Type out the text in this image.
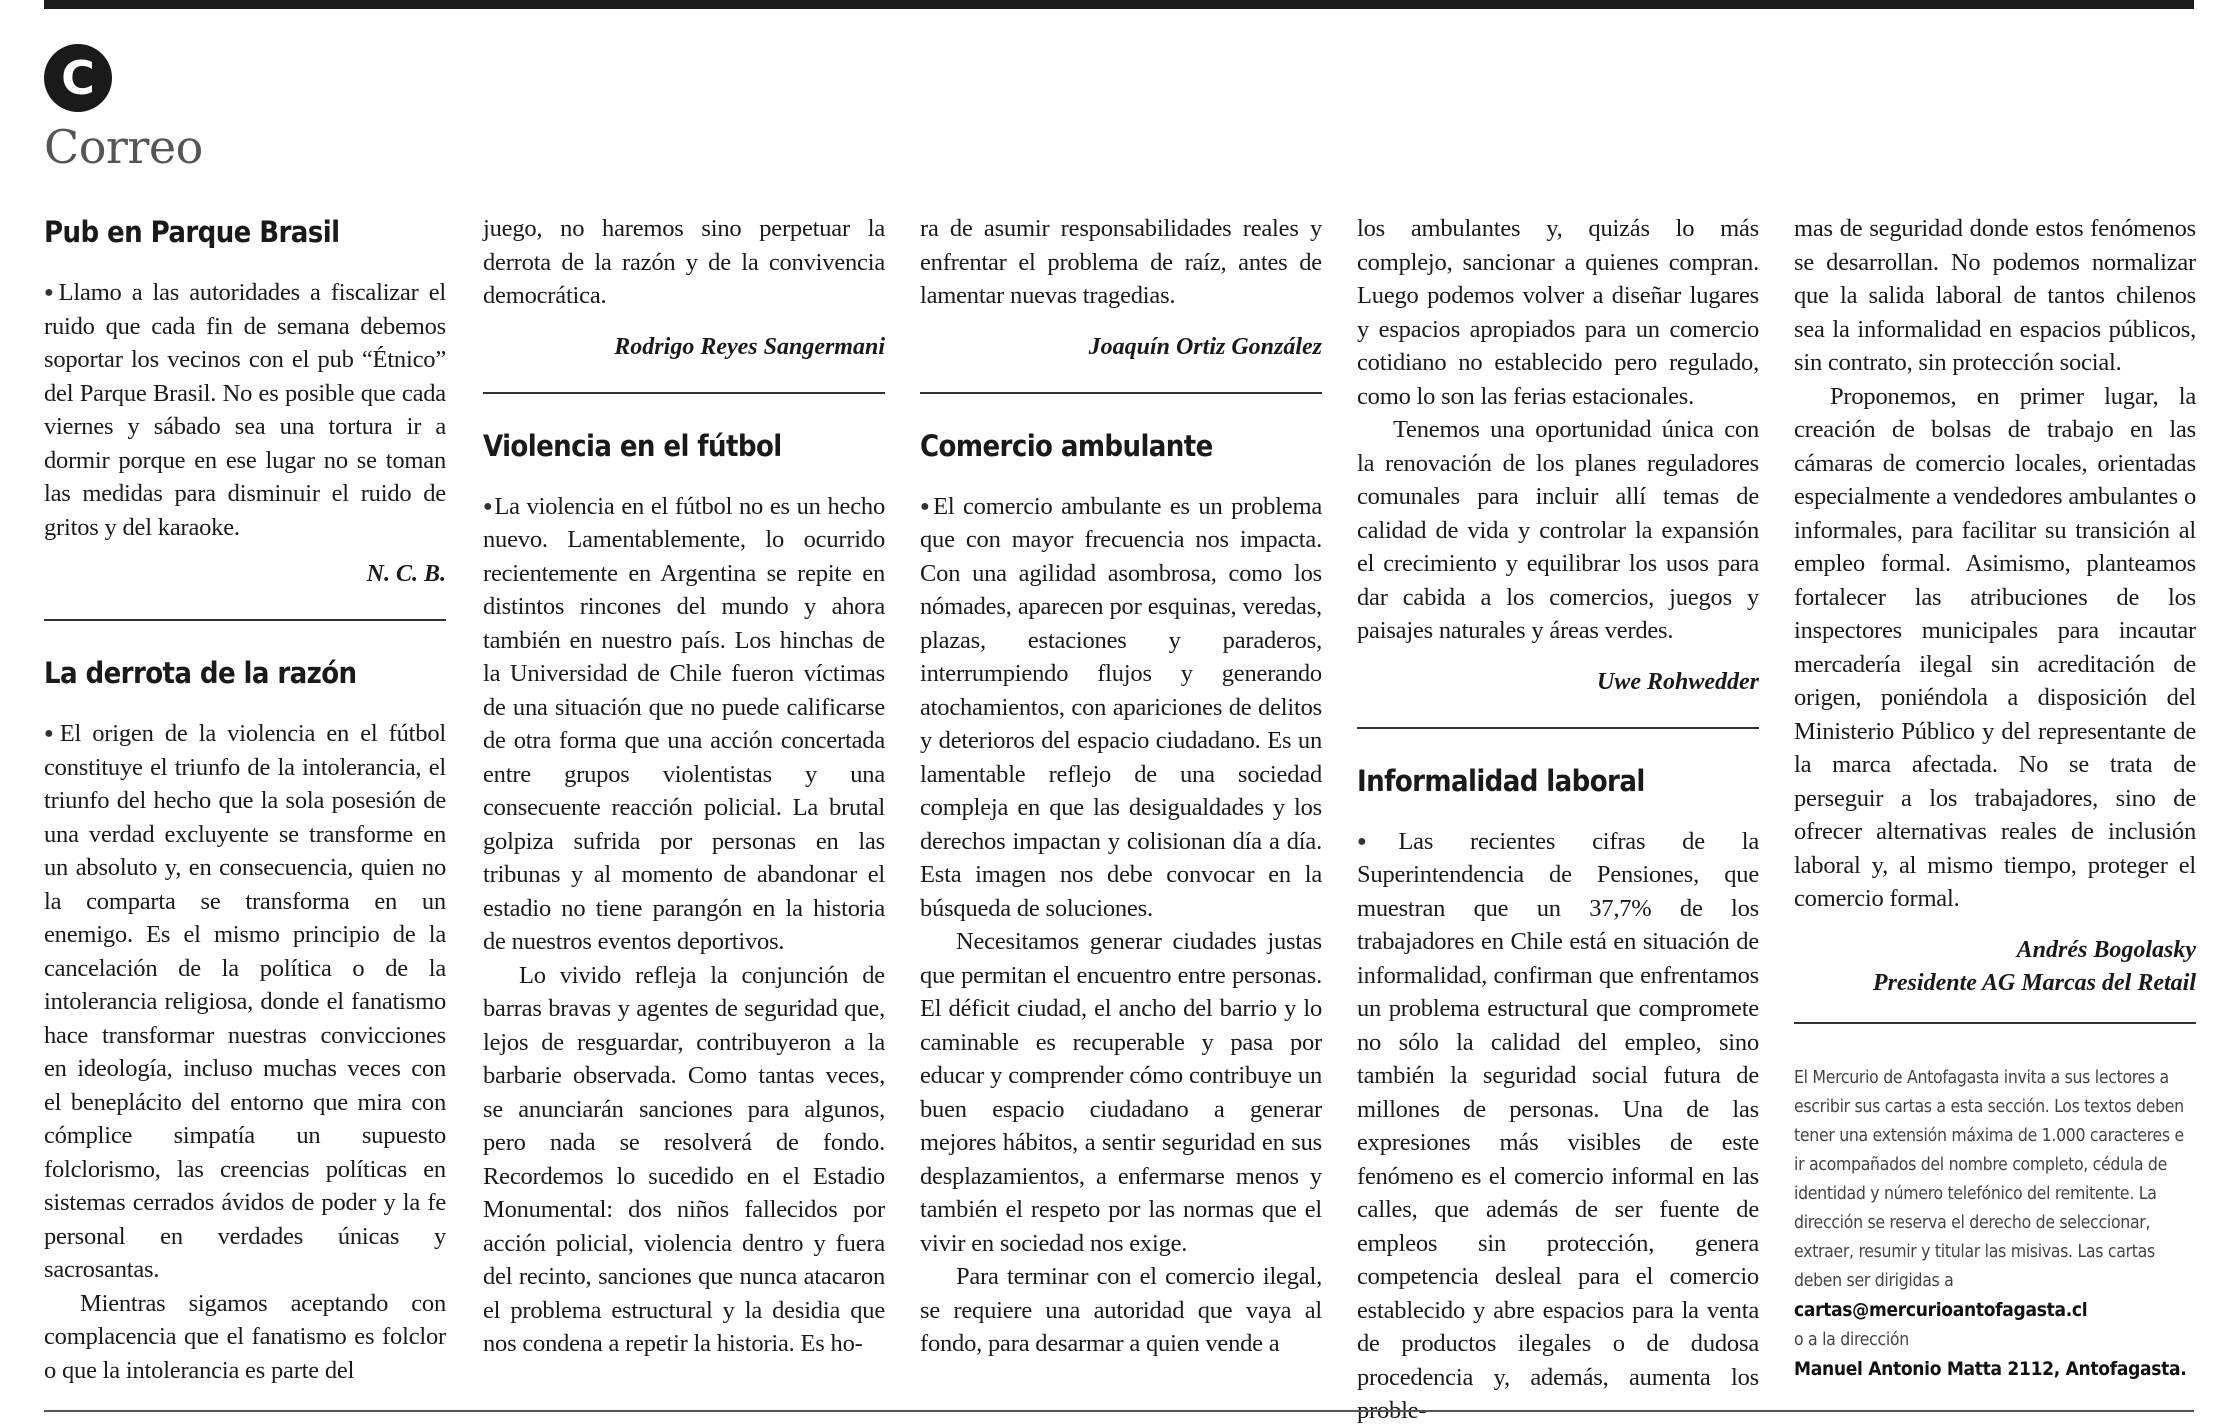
C
Correo
Pub en Parque Brasil

● Llamo a las autoridades a fiscalizar el ruido que cada fin de semana debemos soportar los vecinos con el pub “Étnico” del Parque Brasil. No es posible que cada viernes y sábado sea una tortura ir a dormir porque en ese lugar no se toman las medidas para disminuir el ruido de gritos y del karaoke.

N. C. B.
La derrota de la razón

● El origen de la violencia en el fútbol constituye el triunfo de la intolerancia, el triunfo del hecho que la sola posesión de una verdad excluyente se transforme en un absoluto y, en consecuencia, quien no la comparta se transforma en un enemigo. Es el mismo principio de la cancelación de la política o de la intolerancia religiosa, donde el fanatismo hace transformar nuestras convicciones en ideología, incluso muchas veces con el beneplácito del entorno que mira con cómplice simpatía un supuesto folclorismo, las creencias políticas en sistemas cerrados ávidos de poder y la fe personal en verdades únicas y sacrosantas.

Mientras sigamos aceptando con complacencia que el fanatismo es folclor o que la intolerancia es parte del

juego, no haremos sino perpetuar la derrota de la razón y de la convivencia democrática.

Rodrigo Reyes Sangermani
Violencia en el fútbol

● La violencia en el fútbol no es un hecho nuevo. Lamentablemente, lo ocurrido recientemente en Argentina se repite en distintos rincones del mundo y ahora también en nuestro país. Los hinchas de la Universidad de Chile fueron víctimas de una situación que no puede calificarse de otra forma que una acción concertada entre grupos violentistas y una consecuente reacción policial. La brutal golpiza sufrida por personas en las tribunas y al momento de abandonar el estadio no tiene parangón en la historia de nuestros eventos deportivos.

Lo vivido refleja la conjunción de barras bravas y agentes de seguridad que, lejos de resguardar, contribuyeron a la barbarie observada. Como tantas veces, se anunciarán sanciones para algunos, pero nada se resolverá de fondo. Recordemos lo sucedido en el Estadio Monumental: dos niños fallecidos por acción policial, violencia dentro y fuera del recinto, sanciones que nunca atacaron el problema estructural y la desidia que nos condena a repetir la historia. Es ho-

ra de asumir responsabilidades reales y enfrentar el problema de raíz, antes de lamentar nuevas tragedias.

Joaquín Ortiz González
Comercio ambulante

● El comercio ambulante es un problema que con mayor frecuencia nos impacta. Con una agilidad asombrosa, como los nómades, aparecen por esquinas, veredas, plazas, estaciones y paraderos, interrumpiendo flujos y generando atochamientos, con apariciones de delitos y deterioros del espacio ciudadano. Es un lamentable reflejo de una sociedad compleja en que las desigualdades y los derechos impactan y colisionan día a día. Esta imagen nos debe convocar en la búsqueda de soluciones.

Necesitamos generar ciudades justas que permitan el encuentro entre personas. El déficit ciudad, el ancho del barrio y lo caminable es recuperable y pasa por educar y comprender cómo contribuye un buen espacio ciudadano a generar mejores hábitos, a sentir seguridad en sus desplazamientos, a enfermarse menos y también el respeto por las normas que el vivir en sociedad nos exige.

Para terminar con el comercio ilegal, se requiere una autoridad que vaya al fondo, para desarmar a quien vende a

los ambulantes y, quizás lo más complejo, sancionar a quienes compran. Luego podemos volver a diseñar lugares y espacios apropiados para un comercio cotidiano no establecido pero regulado, como lo son las ferias estacionales.

Tenemos una oportunidad única con la renovación de los planes reguladores comunales para incluir allí temas de calidad de vida y controlar la expansión el crecimiento y equilibrar los usos para dar cabida a los comercios, juegos y paisajes naturales y áreas verdes.

Uwe Rohwedder
Informalidad laboral

● Las recientes cifras de la Superintendencia de Pensiones, que muestran que un 37,7% de los trabajadores en Chile está en situación de informalidad, confirman que enfrentamos un problema estructural que compromete no sólo la calidad del empleo, sino también la seguridad social futura de millones de personas. Una de las expresiones más visibles de este fenómeno es el comercio informal en las calles, que además de ser fuente de empleos sin protección, genera competencia desleal para el comercio establecido y abre espacios para la venta de productos ilegales o de dudosa procedencia y, además, aumenta los proble-

mas de seguridad donde estos fenómenos se desarrollan. No podemos normalizar que la salida laboral de tantos chilenos sea la informalidad en espacios públicos, sin contrato, sin protección social.

Proponemos, en primer lugar, la creación de bolsas de trabajo en las cámaras de comercio locales, orientadas especialmente a vendedores ambulantes o informales, para facilitar su transición al empleo formal. Asimismo, planteamos fortalecer las atribuciones de los inspectores municipales para incautar mercadería ilegal sin acreditación de origen, poniéndola a disposición del Ministerio Público y del representante de la marca afectada. No se trata de perseguir a los trabajadores, sino de ofrecer alternativas reales de inclusión laboral y, al mismo tiempo, proteger el comercio formal.

Andrés Bogolasky
Presidente AG Marcas del Retail
El Mercurio de Antofagasta invita a sus lectores a escribir sus cartas a esta sección. Los textos deben tener una extensión máxima de 1.000 caracteres e ir acompañados del nombre completo, cédula de identidad y número telefónico del remitente. La dirección se reserva el derecho de seleccionar, extraer, resumir y titular las misivas. Las cartas deben ser dirigidas a
cartas@mercurioantofagasta.cl
o a la dirección
Manuel Antonio Matta 2112, Antofagasta.
